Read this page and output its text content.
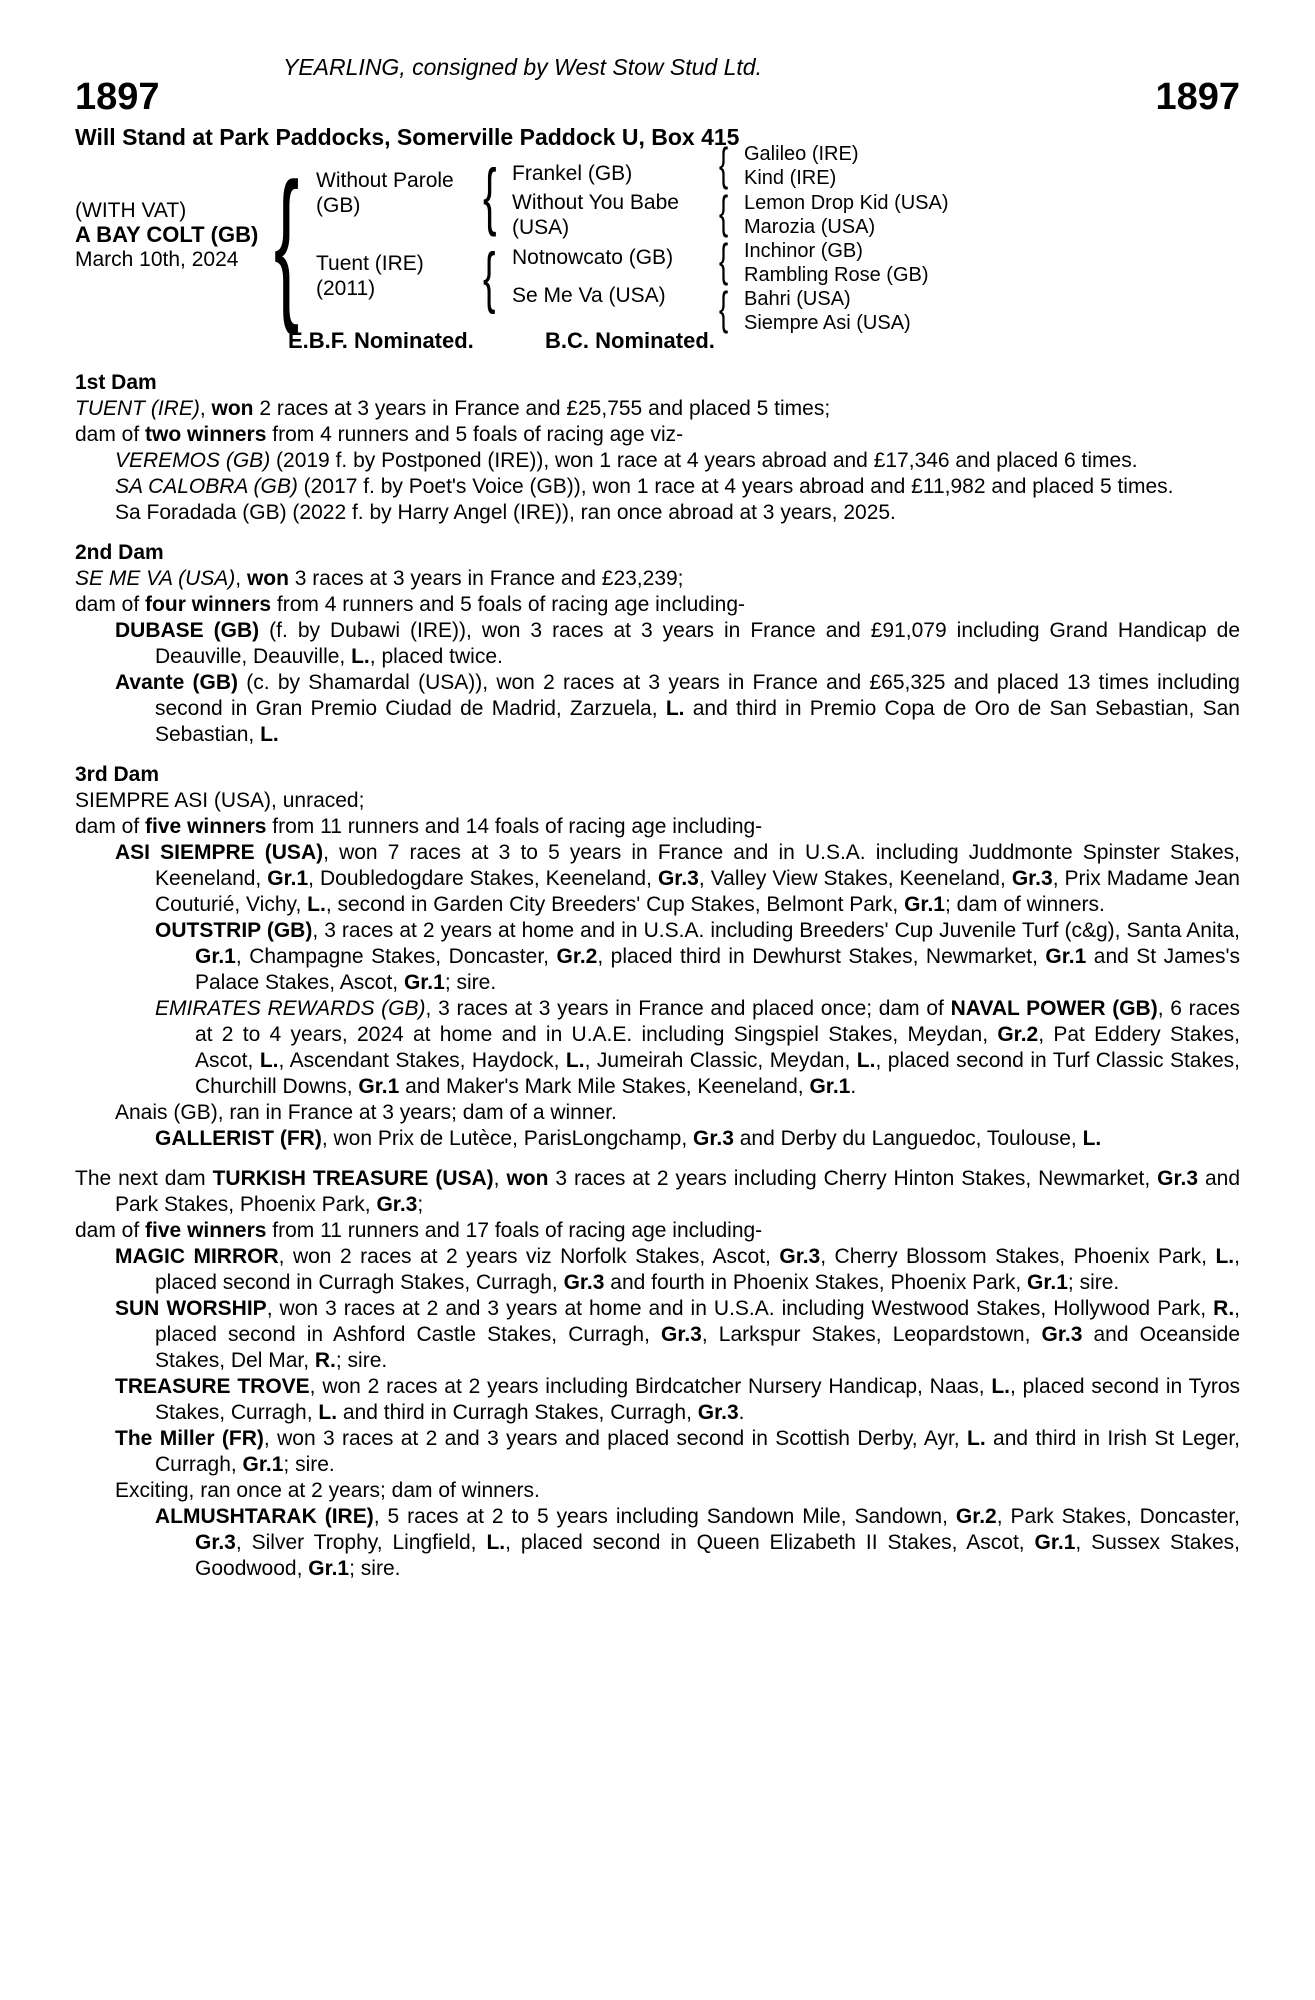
YEARLING, consigned by West Stow Stud Ltd.
1897	1897
Will Stand at Park Paddocks, Somerville Paddock U, Box 415
(WITH VAT)
A BAY COLT (GB)
March 10th, 2024 { Without Parole (GB)
Tuent (IRE) (2011)
{
{
Frankel (GB)
Without You Babe (USA)
Notnowcato (GB)
Se Me Va (USA)
{
{
{
{
Galileo (IRE)
Kind (IRE)
Lemon Drop Kid (USA)
Marozia (USA)
Inchinor (GB)
Rambling Rose (GB)
Bahri (USA)
Siempre Asi (USA)
E.B.F. Nominated.	B.C. Nominated.
1st Dam
TUENT (IRE), won 2 races at 3 years in France and £25,755 and placed 5 times;
dam of two winners from 4 runners and 5 foals of racing age viz-
VEREMOS (GB) (2019 f. by Postponed (IRE)), won 1 race at 4 years abroad and £17,346 and placed 6 times.
SA CALOBRA (GB) (2017 f. by Poet's Voice (GB)), won 1 race at 4 years abroad and £11,982 and placed 5 times.
Sa Foradada (GB) (2022 f. by Harry Angel (IRE)), ran once abroad at 3 years, 2025.
2nd Dam
SE ME VA (USA), won 3 races at 3 years in France and £23,239;
dam of four winners from 4 runners and 5 foals of racing age including-
DUBASE (GB) (f. by Dubawi (IRE)), won 3 races at 3 years in France and £91,079 including Grand Handicap de Deauville, Deauville, L., placed twice.
Avante (GB) (c. by Shamardal (USA)), won 2 races at 3 years in France and £65,325 and placed 13 times including second in Gran Premio Ciudad de Madrid, Zarzuela, L. and third in Premio Copa de Oro de San Sebastian, San Sebastian, L.
3rd Dam
SIEMPRE ASI (USA), unraced;
dam of five winners from 11 runners and 14 foals of racing age including-
ASI SIEMPRE (USA), won 7 races at 3 to 5 years in France and in U.S.A. including Juddmonte Spinster Stakes, Keeneland, Gr.1, Doubledogdare Stakes, Keeneland, Gr.3, Valley View Stakes, Keeneland, Gr.3, Prix Madame Jean Couturié, Vichy, L., second in Garden City Breeders' Cup Stakes, Belmont Park, Gr.1; dam of winners.
OUTSTRIP (GB), 3 races at 2 years at home and in U.S.A. including Breeders' Cup Juvenile Turf (c&g), Santa Anita, Gr.1, Champagne Stakes, Doncaster, Gr.2, placed third in Dewhurst Stakes, Newmarket, Gr.1 and St James's Palace Stakes, Ascot, Gr.1; sire.
EMIRATES REWARDS (GB), 3 races at 3 years in France and placed once; dam of NAVAL POWER (GB), 6 races at 2 to 4 years, 2024 at home and in U.A.E. including Singspiel Stakes, Meydan, Gr.2, Pat Eddery Stakes, Ascot, L., Ascendant Stakes, Haydock, L., Jumeirah Classic, Meydan, L., placed second in Turf Classic Stakes, Churchill Downs, Gr.1 and Maker's Mark Mile Stakes, Keeneland, Gr.1.
Anais (GB), ran in France at 3 years; dam of a winner.
GALLERIST (FR), won Prix de Lutèce, ParisLongchamp, Gr.3 and Derby du Languedoc, Toulouse, L.
The next dam TURKISH TREASURE (USA), won 3 races at 2 years including Cherry Hinton Stakes, Newmarket, Gr.3 and Park Stakes, Phoenix Park, Gr.3;
dam of five winners from 11 runners and 17 foals of racing age including-
MAGIC MIRROR, won 2 races at 2 years viz Norfolk Stakes, Ascot, Gr.3, Cherry Blossom Stakes, Phoenix Park, L., placed second in Curragh Stakes, Curragh, Gr.3 and fourth in Phoenix Stakes, Phoenix Park, Gr.1; sire.
SUN WORSHIP, won 3 races at 2 and 3 years at home and in U.S.A. including Westwood Stakes, Hollywood Park, R., placed second in Ashford Castle Stakes, Curragh, Gr.3, Larkspur Stakes, Leopardstown, Gr.3 and Oceanside Stakes, Del Mar, R.; sire.
TREASURE TROVE, won 2 races at 2 years including Birdcatcher Nursery Handicap, Naas, L., placed second in Tyros Stakes, Curragh, L. and third in Curragh Stakes, Curragh, Gr.3.
The Miller (FR), won 3 races at 2 and 3 years and placed second in Scottish Derby, Ayr, L. and third in Irish St Leger, Curragh, Gr.1; sire.
Exciting, ran once at 2 years; dam of winners.
ALMUSHTARAK (IRE), 5 races at 2 to 5 years including Sandown Mile, Sandown, Gr.2, Park Stakes, Doncaster, Gr.3, Silver Trophy, Lingfield, L., placed second in Queen Elizabeth II Stakes, Ascot, Gr.1, Sussex Stakes, Goodwood, Gr.1; sire.
